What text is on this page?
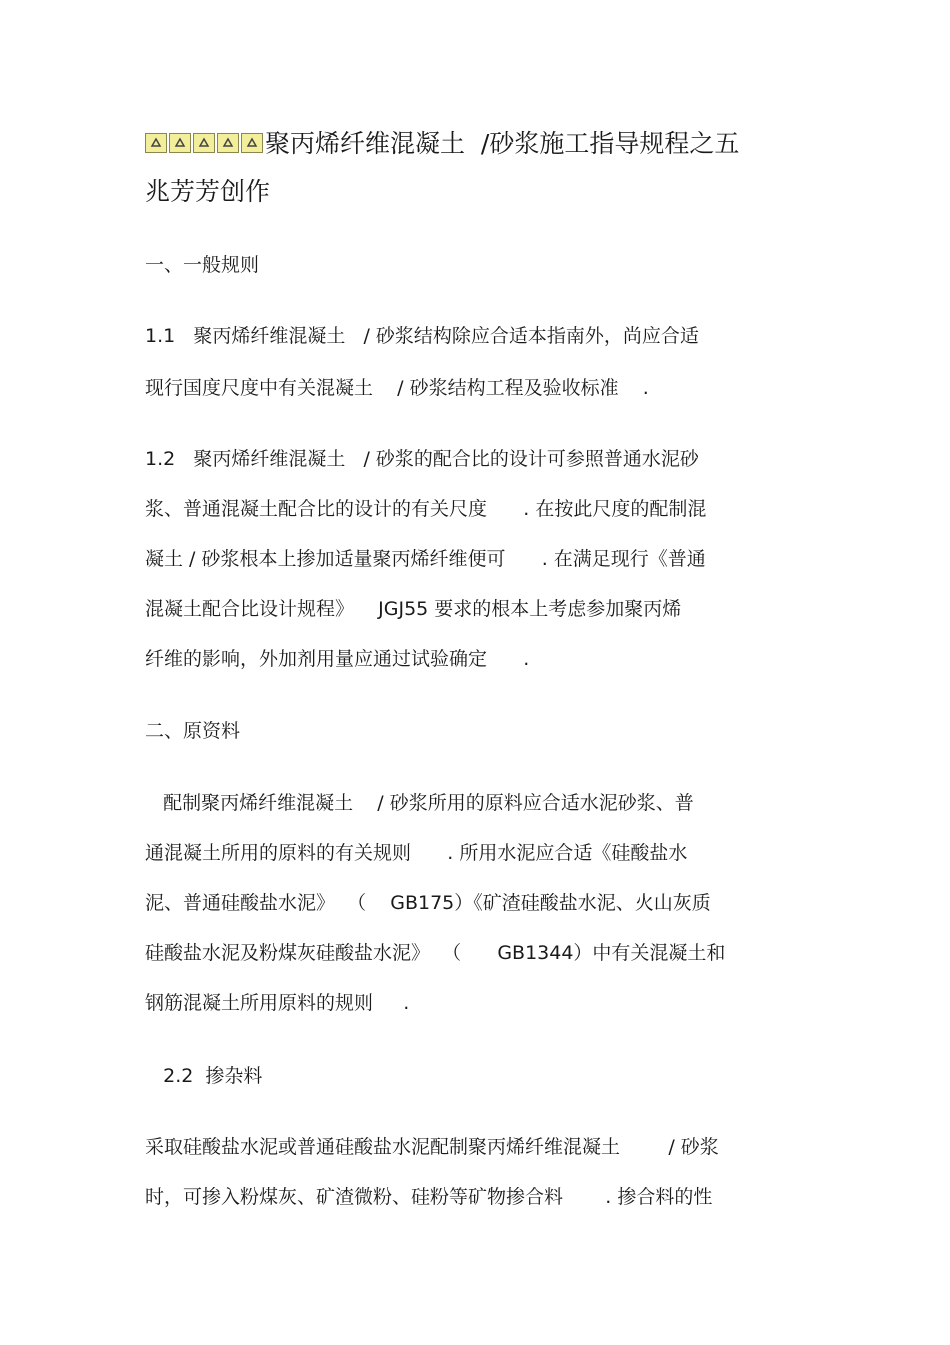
聚丙烯纤维混凝土  /砂浆施工指导规程之五
兆芳芳创作
一、一般规则
1.1   聚丙烯纤维混凝土   / 砂浆结构除应合适本指南外，尚应合适
现行国度尺度中有关混凝土    / 砂浆结构工程及验收标准    .
1.2   聚丙烯纤维混凝土   / 砂浆的配合比的设计可参照普通水泥砂
浆、普通混凝土配合比的设计的有关尺度      . 在按此尺度的配制混
凝土 / 砂浆根本上掺加适量聚丙烯纤维便可      . 在满足现行《普通
混凝土配合比设计规程》    JGJ55 要求的根本上考虑参加聚丙烯
纤维的影响，外加剂用量应通过试验确定      .
二、原资料
配制聚丙烯纤维混凝土    / 砂浆所用的原料应合适水泥砂浆、普
通混凝土所用的原料的有关规则      . 所用水泥应合适《硅酸盐水
泥、普通硅酸盐水泥》  （    GB175）《矿渣硅酸盐水泥、火山灰质
硅酸盐水泥及粉煤灰硅酸盐水泥》  （      GB1344）中有关混凝土和
钢筋混凝土所用原料的规则     .
2.2  掺杂料
采取硅酸盐水泥或普通硅酸盐水泥配制聚丙烯纤维混凝土        / 砂浆
时，可掺入粉煤灰、矿渣微粉、硅粉等矿物掺合料       . 掺合料的性
